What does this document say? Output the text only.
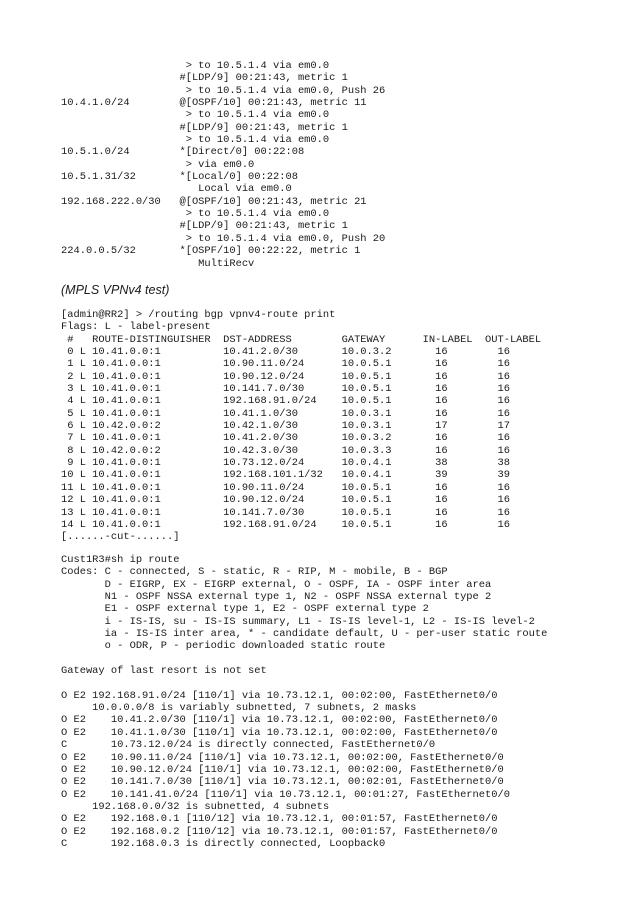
> to 10.5.1.4 via em0.0
#[LDP/9] 00:21:43, metric 1
> to 10.5.1.4 via em0.0, Push 26
10.4.1.0/24        @[OSPF/10] 00:21:43, metric 11
> to 10.5.1.4 via em0.0
#[LDP/9] 00:21:43, metric 1
> to 10.5.1.4 via em0.0
10.5.1.0/24        *[Direct/0] 00:22:08
> via em0.0
10.5.1.31/32       *[Local/0] 00:22:08
Local via em0.0
192.168.222.0/30   @[OSPF/10] 00:21:43, metric 21
> to 10.5.1.4 via em0.0
#[LDP/9] 00:21:43, metric 1
> to 10.5.1.4 via em0.0, Push 20
224.0.0.5/32       *[OSPF/10] 00:22:22, metric 1
MultiRecv
(MPLS VPNv4 test)
[admin@RR2] > /routing bgp vpnv4-route print
Flags: L - label-present
#   ROUTE-DISTINGUISHER  DST-ADDRESS        GATEWAY      IN-LABEL  OUT-LABEL
0 L 10.41.0.0:1          10.41.2.0/30       10.0.3.2       16        16
1 L 10.41.0.0:1          10.90.11.0/24      10.0.5.1       16        16
2 L 10.41.0.0:1          10.90.12.0/24      10.0.5.1       16        16
3 L 10.41.0.0:1          10.141.7.0/30      10.0.5.1       16        16
4 L 10.41.0.0:1          192.168.91.0/24    10.0.5.1       16        16
5 L 10.41.0.0:1          10.41.1.0/30       10.0.3.1       16        16
6 L 10.42.0.0:2          10.42.1.0/30       10.0.3.1       17        17
7 L 10.41.0.0:1          10.41.2.0/30       10.0.3.2       16        16
8 L 10.42.0.0:2          10.42.3.0/30       10.0.3.3       16        16
9 L 10.41.0.0:1          10.73.12.0/24      10.0.4.1       38        38
10 L 10.41.0.0:1          192.168.101.1/32   10.0.4.1       39        39
11 L 10.41.0.0:1          10.90.11.0/24      10.0.5.1       16        16
12 L 10.41.0.0:1          10.90.12.0/24      10.0.5.1       16        16
13 L 10.41.0.0:1          10.141.7.0/30      10.0.5.1       16        16
14 L 10.41.0.0:1          192.168.91.0/24    10.0.5.1       16        16
[......-cut-......]
Cust1R3#sh ip route
Codes: C - connected, S - static, R - RIP, M - mobile, B - BGP
D - EIGRP, EX - EIGRP external, O - OSPF, IA - OSPF inter area
N1 - OSPF NSSA external type 1, N2 - OSPF NSSA external type 2
E1 - OSPF external type 1, E2 - OSPF external type 2
i - IS-IS, su - IS-IS summary, L1 - IS-IS level-1, L2 - IS-IS level-2
ia - IS-IS inter area, * - candidate default, U - per-user static route
o - ODR, P - periodic downloaded static route
Gateway of last resort is not set
O E2 192.168.91.0/24 [110/1] via 10.73.12.1, 00:02:00, FastEthernet0/0
10.0.0.0/8 is variably subnetted, 7 subnets, 2 masks
O E2    10.41.2.0/30 [110/1] via 10.73.12.1, 00:02:00, FastEthernet0/0
O E2    10.41.1.0/30 [110/1] via 10.73.12.1, 00:02:00, FastEthernet0/0
C       10.73.12.0/24 is directly connected, FastEthernet0/0
O E2    10.90.11.0/24 [110/1] via 10.73.12.1, 00:02:00, FastEthernet0/0
O E2    10.90.12.0/24 [110/1] via 10.73.12.1, 00:02:00, FastEthernet0/0
O E2    10.141.7.0/30 [110/1] via 10.73.12.1, 00:02:01, FastEthernet0/0
O E2    10.141.41.0/24 [110/1] via 10.73.12.1, 00:01:27, FastEthernet0/0
192.168.0.0/32 is subnetted, 4 subnets
O E2    192.168.0.1 [110/12] via 10.73.12.1, 00:01:57, FastEthernet0/0
O E2    192.168.0.2 [110/12] via 10.73.12.1, 00:01:57, FastEthernet0/0
C       192.168.0.3 is directly connected, Loopback0
